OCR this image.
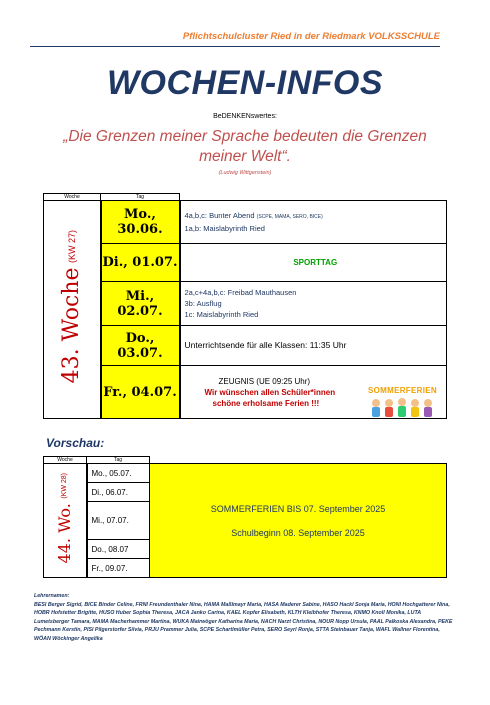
Pflichtschulcluster Ried in der Riedmark VOLKSSCHULE
WOCHEN-INFOS
BeDENKENswertes:
„Die Grenzen meiner Sprache bedeuten die Grenzen meiner Welt“.
(Ludwig Wittgenstein)
Woche	Tag	
43. Woche (KW 27)	Mo., 30.06.	4a,b,c: Bunter Abend (SCPE, MAMA, SERO, BICE)
1a,b: Maislabyrinth Ried

	Di., 01.07.	SPORTTAG
	Mi., 02.07.	2a,c+4a,b,c: Freibad Mauthausen
3b: Ausflug
1c: Maislabyrinth Ried

	Do., 03.07.	Unterrichtsende für alle Klassen: 11:35 Uhr
	Fr., 04.07.	ZEUGNIS (UE 09:25 Uhr)
Wir wünschen allen Schüler*innen
schöne erholsame Ferien !!!
SOMMERFERIEN
Vorschau:
Woche	Tag	
44. Wo. (KW 28)	Mo., 05.07.	SOMMERFERIEN BIS 07. September 2025
Schulbeginn 08. September 2025

	Di., 06.07.	
	Mi., 07.07.	
	Do., 08.07	
	Fr., 09.07.	
Lehrernamen:
BESI Berger Sigrid, BICE Binder Celine, FRNI Freundenthaler Nina, HAMA Maßlmayr Maria, HASA Maderer Sabine, HASO Hackl Sonja Maria, HONI Hochgatterer Nina, HOBR Hofstetter Brigitte, HUSO Huber Sophia Theresa, JACA Janko Carina, KAEL Kopfer Elisabeth, KLTH Kleibhofer Theresa, KNMO Knoll Monika, LUTA Lumetsberger Tamara, MAMA Macherhammer Martina, WUKA Mairwöger Katharina Maria, NACH Narzt Christina, NOUR Nopp Ursula, PAAL Palkoska Alexandra, PEKE Pechmann Kerstin, PISI Pilgerstorfer Silvia, PRJU Prammer Julia, SCPE Schartlmüller Petra, SERO Seyrl Ronja, STTA Steinbauer Tanja, WAFL Wallner Florentina, WÖAN Wöckinger Angelika
